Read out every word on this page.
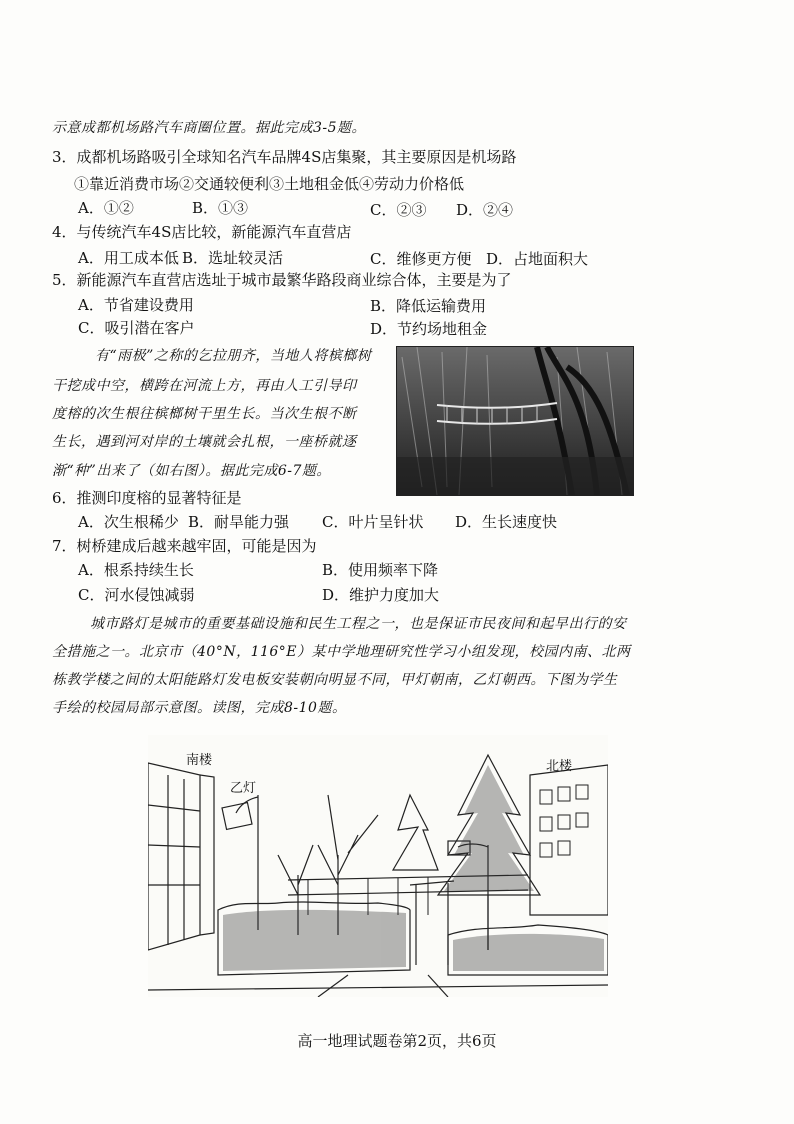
示意成都机场路汽车商圈位置。据此完成3-5题。
3．成都机场路吸引全球知名汽车品牌4S店集聚，其主要原因是机场路
①靠近消费市场②交通较便利③土地租金低④劳动力价格低
A．①②	B．①③	C．②③ D．②④
4．与传统汽车4S店比较，新能源汽车直营店
A．用工成本低 B．选址较灵活	C．维修更方便 D．占地面积大
5．新能源汽车直营店选址于城市最繁华路段商业综合体，主要是为了
A．节省建设费用	B．降低运输费用
C．吸引潜在客户	D．节约场地租金
有“雨极”之称的乞拉朋齐，当地人将槟榔树
干挖成中空，横跨在河流上方，再由人工引导印
度榕的次生根往槟榔树干里生长。当次生根不断
生长，遇到河对岸的土壤就会扎根，一座桥就逐
渐“种”出来了（如右图）。据此完成6-7题。
6．推测印度榕的显著特征是
A．次生根稀少 B．耐旱能力强 C．叶片呈针状 D．生长速度快
7．树桥建成后越来越牢固，可能是因为
A．根系持续生长	B．使用频率下降
C．河水侵蚀减弱	D．维护力度加大
城市路灯是城市的重要基础设施和民生工程之一，也是保证市民夜间和起早出行的安
全措施之一。北京市（40°N，116°E）某中学地理研究性学习小组发现，校园内南、北两
栋教学楼之间的太阳能路灯发电板安装朝向明显不同，甲灯朝南，乙灯朝西。下图为学生
手绘的校园局部示意图。读图，完成8-10题。
南楼
乙灯
北楼
高一地理试题卷第2页，共6页
